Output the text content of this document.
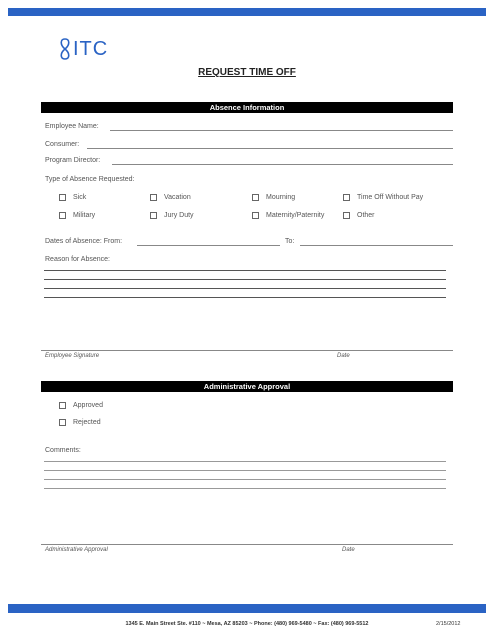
ITC
REQUEST TIME OFF
Absence Information
Employee Name:
Consumer:
Program Director:
Type of Absence Requested:
Sick	Vacation	Mourning	Time Off Without Pay
Military	Jury Duty	Maternity/Paternity	Other
Dates of Absence: From:	To:
Reason for Absence:
Employee Signature	Date
Administrative Approval
Approved
Rejected
Comments:
Administrative Approval	Date
1345 E. Main Street Ste. #110 ~ Mesa, AZ 85203 ~ Phone: (480) 969-5480 ~ Fax: (480) 969-5512	2/15/2012
